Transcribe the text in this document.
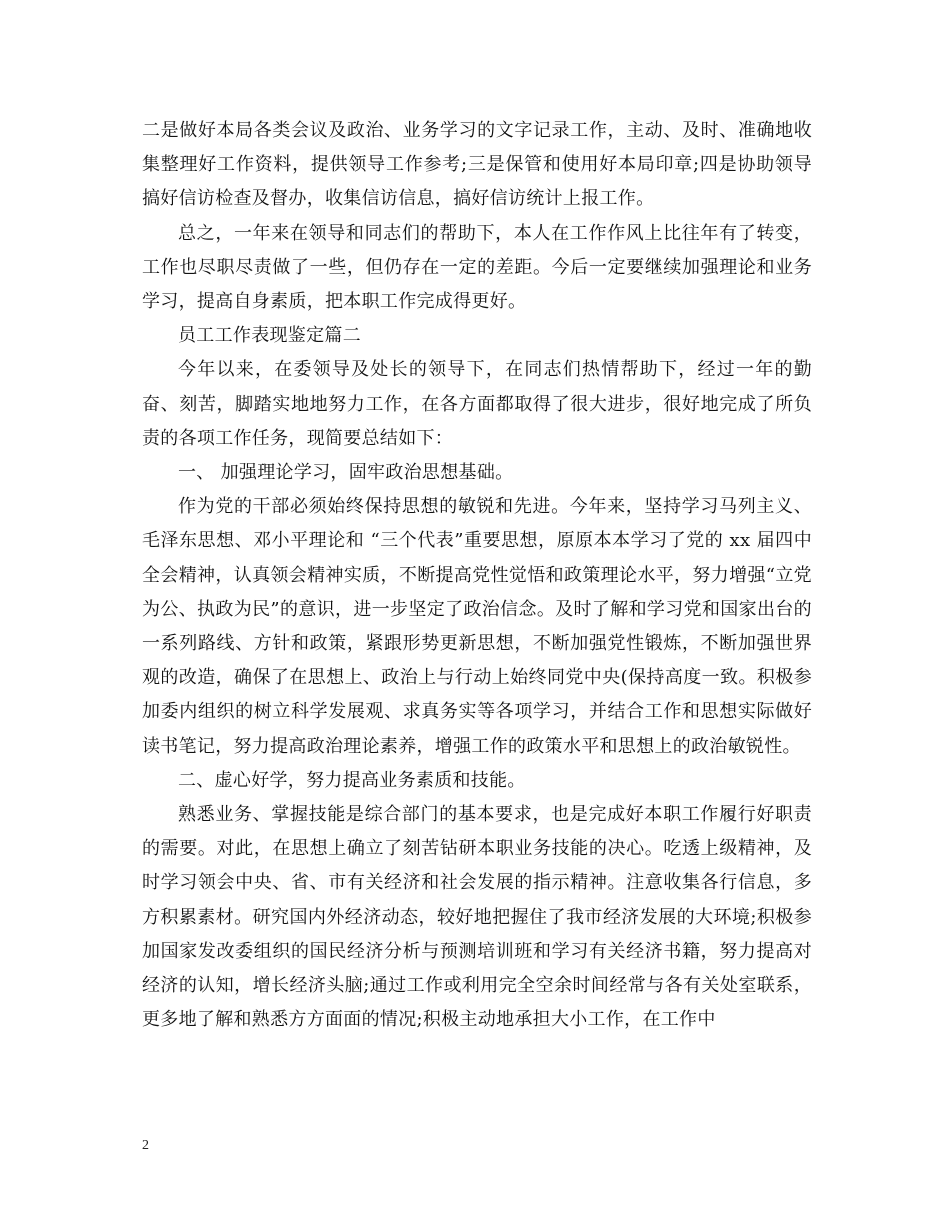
二是做好本局各类会议及政治、业务学习的文字记录工作，主动、及时、准确地收集整理好工作资料，提供领导工作参考;三是保管和使用好本局印章;四是协助领导搞好信访检查及督办，收集信访信息，搞好信访统计上报工作。

总之，一年来在领导和同志们的帮助下，本人在工作作风上比往年有了转变，工作也尽职尽责做了一些，但仍存在一定的差距。今后一定要继续加强理论和业务学习，提高自身素质，把本职工作完成得更好。

员工工作表现鉴定篇二

今年以来，在委领导及处长的领导下，在同志们热情帮助下，经过一年的勤奋、刻苦，脚踏实地地努力工作，在各方面都取得了很大进步，很好地完成了所负责的各项工作任务，现简要总结如下：

一、 加强理论学习，固牢政治思想基础。

作为党的干部必须始终保持思想的敏锐和先进。今年来，坚持学习马列主义、毛泽东思想、邓小平理论和 “三个代表”重要思想，原原本本学习了党的 xx 届四中全会精神，认真领会精神实质，不断提高党性觉悟和政策理论水平，努力增强“立党为公、执政为民”的意识，进一步坚定了政治信念。及时了解和学习党和国家出台的一系列路线、方针和政策，紧跟形势更新思想，不断加强党性锻炼，不断加强世界观的改造，确保了在思想上、政治上与行动上始终同党中央(保持高度一致。积极参加委内组织的树立科学发展观、求真务实等各项学习，并结合工作和思想实际做好读书笔记，努力提高政治理论素养，增强工作的政策水平和思想上的政治敏锐性。

二、虚心好学，努力提高业务素质和技能。

熟悉业务、掌握技能是综合部门的基本要求，也是完成好本职工作履行好职责的需要。对此，在思想上确立了刻苦钻研本职业务技能的决心。吃透上级精神，及时学习领会中央、省、市有关经济和社会发展的指示精神。注意收集各行信息，多方积累素材。研究国内外经济动态，较好地把握住了我市经济发展的大环境;积极参加国家发改委组织的国民经济分析与预测培训班和学习有关经济书籍，努力提高对经济的认知，增长经济头脑;通过工作或利用完全空余时间经常与各有关处室联系，更多地了解和熟悉方方面面的情况;积极主动地承担大小工作，在工作中

2
